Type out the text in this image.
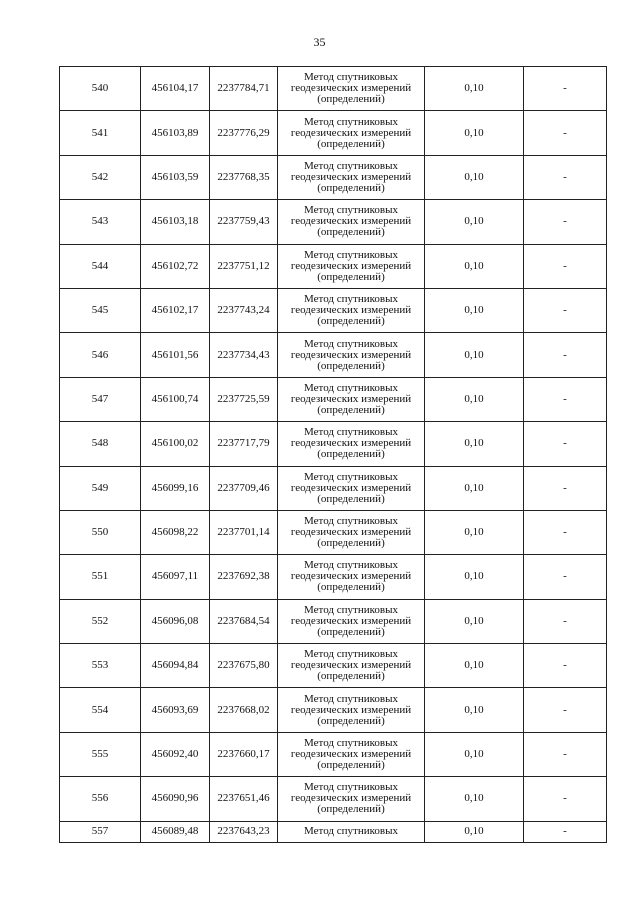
35
540	456104,17	2237784,71	Метод спутниковых
геодезических измерений
(определений)	0,10	-
541	456103,89	2237776,29	Метод спутниковых
геодезических измерений
(определений)	0,10	-
542	456103,59	2237768,35	Метод спутниковых
геодезических измерений
(определений)	0,10	-
543	456103,18	2237759,43	Метод спутниковых
геодезических измерений
(определений)	0,10	-
544	456102,72	2237751,12	Метод спутниковых
геодезических измерений
(определений)	0,10	-
545	456102,17	2237743,24	Метод спутниковых
геодезических измерений
(определений)	0,10	-
546	456101,56	2237734,43	Метод спутниковых
геодезических измерений
(определений)	0,10	-
547	456100,74	2237725,59	Метод спутниковых
геодезических измерений
(определений)	0,10	-
548	456100,02	2237717,79	Метод спутниковых
геодезических измерений
(определений)	0,10	-
549	456099,16	2237709,46	Метод спутниковых
геодезических измерений
(определений)	0,10	-
550	456098,22	2237701,14	Метод спутниковых
геодезических измерений
(определений)	0,10	-
551	456097,11	2237692,38	Метод спутниковых
геодезических измерений
(определений)	0,10	-
552	456096,08	2237684,54	Метод спутниковых
геодезических измерений
(определений)	0,10	-
553	456094,84	2237675,80	Метод спутниковых
геодезических измерений
(определений)	0,10	-
554	456093,69	2237668,02	Метод спутниковых
геодезических измерений
(определений)	0,10	-
555	456092,40	2237660,17	Метод спутниковых
геодезических измерений
(определений)	0,10	-
556	456090,96	2237651,46	Метод спутниковых
геодезических измерений
(определений)	0,10	-
557	456089,48	2237643,23	Метод спутниковых	0,10	-
